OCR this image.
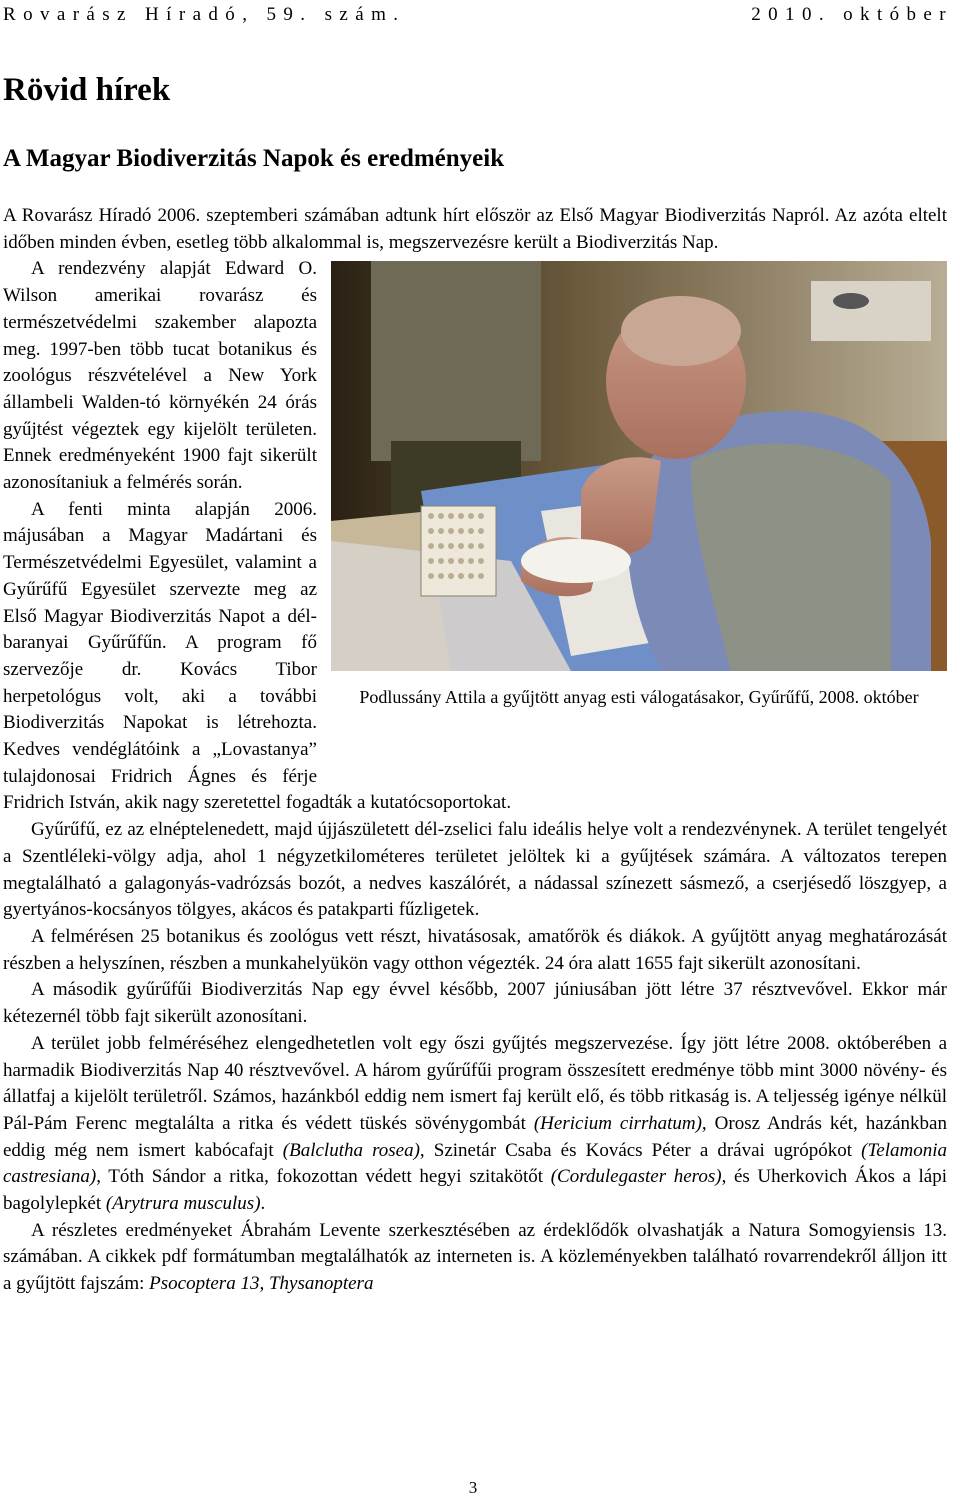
Rovarász Híradó, 59. szám.	2010. október
Rövid hírek
A Magyar Biodiverzitás Napok és eredményeik

A Rovarász Híradó 2006. szeptemberi számában adtunk hírt először az Első Magyar Biodiverzitás Napról. Az azóta eltelt időben minden évben, esetleg több alkalommal is, megszervezésre került a Biodiverzitás Nap.

Podlussány Attila a gyűjtött anyag esti válogatásakor, Gyűrűfű, 2008. október

A rendezvény alapját Edward O. Wilson amerikai rovarász és természetvédelmi szakember alapozta meg. 1997-ben több tucat botanikus és zoológus részvételével a New York állambeli Walden-tó környékén 24 órás gyűjtést végeztek egy kijelölt területen. Ennek eredményeként 1900 fajt sikerült azonosítaniuk a felmérés során.

A fenti minta alapján 2006. májusában a Magyar Madártani és Természetvédelmi Egyesület, valamint a Gyűrűfű Egyesület szervezte meg az Első Magyar Biodiverzitás Napot a dél-baranyai Gyűrűfűn. A program fő szervezője dr. Kovács Tibor herpetológus volt, aki a további Biodiverzitás Napokat is létrehozta. Kedves vendéglátóink a „Lovastanya” tulajdonosai Fridrich Ágnes és férje Fridrich István, akik nagy szeretettel fogadták a kutatócsoportokat.

Gyűrűfű, ez az elnéptelenedett, majd újjászületett dél-zselici falu ideális helye volt a rendezvénynek. A terület tengelyét a Szentléleki-völgy adja, ahol 1 négyzetkilométeres területet jelöltek ki a gyűjtések számára. A változatos terepen megtalálható a galagonyás-vadrózsás bozót, a nedves kaszálórét, a nádassal színezett sásmező, a cserjésedő löszgyep, a gyertyános-kocsányos tölgyes, akácos és patakparti fűzligetek.

A felmérésen 25 botanikus és zoológus vett részt, hivatásosak, amatőrök és diákok. A gyűjtött anyag meghatározását részben a helyszínen, részben a munkahelyükön vagy otthon végezték. 24 óra alatt 1655 fajt sikerült azonosítani.

A második gyűrűfűi Biodiverzitás Nap egy évvel később, 2007 júniusában jött létre 37 résztvevővel. Ekkor már kétezernél több fajt sikerült azonosítani.

A terület jobb felméréséhez elengedhetetlen volt egy őszi gyűjtés megszervezése. Így jött létre 2008. októberében a harmadik Biodiverzitás Nap 40 résztvevővel. A három gyűrűfűi program összesített eredménye több mint 3000 növény- és állatfaj a kijelölt területről. Számos, hazánkból eddig nem ismert faj került elő, és több ritkaság is. A teljesség igénye nélkül Pál-Pám Ferenc megtalálta a ritka és védett tüskés sövénygombát (Hericium cirrhatum), Orosz András két, hazánkban eddig még nem ismert kabócafajt (Balclutha rosea), Szinetár Csaba és Kovács Péter a drávai ugrópókot (Telamonia castresiana), Tóth Sándor a ritka, fokozottan védett hegyi szitakötőt (Cordulegaster heros), és Uherkovich Ákos a lápi bagolylepkét (Arytrura musculus).

A részletes eredményeket Ábrahám Levente szerkesztésében az érdeklődők olvashatják a Natura Somogyiensis 13. számában. A cikkek pdf formátumban megtalálhatók az interneten is. A közleményekben található rovarrendekről álljon itt a gyűjtött fajszám: Psocoptera 13, Thysanoptera

3
